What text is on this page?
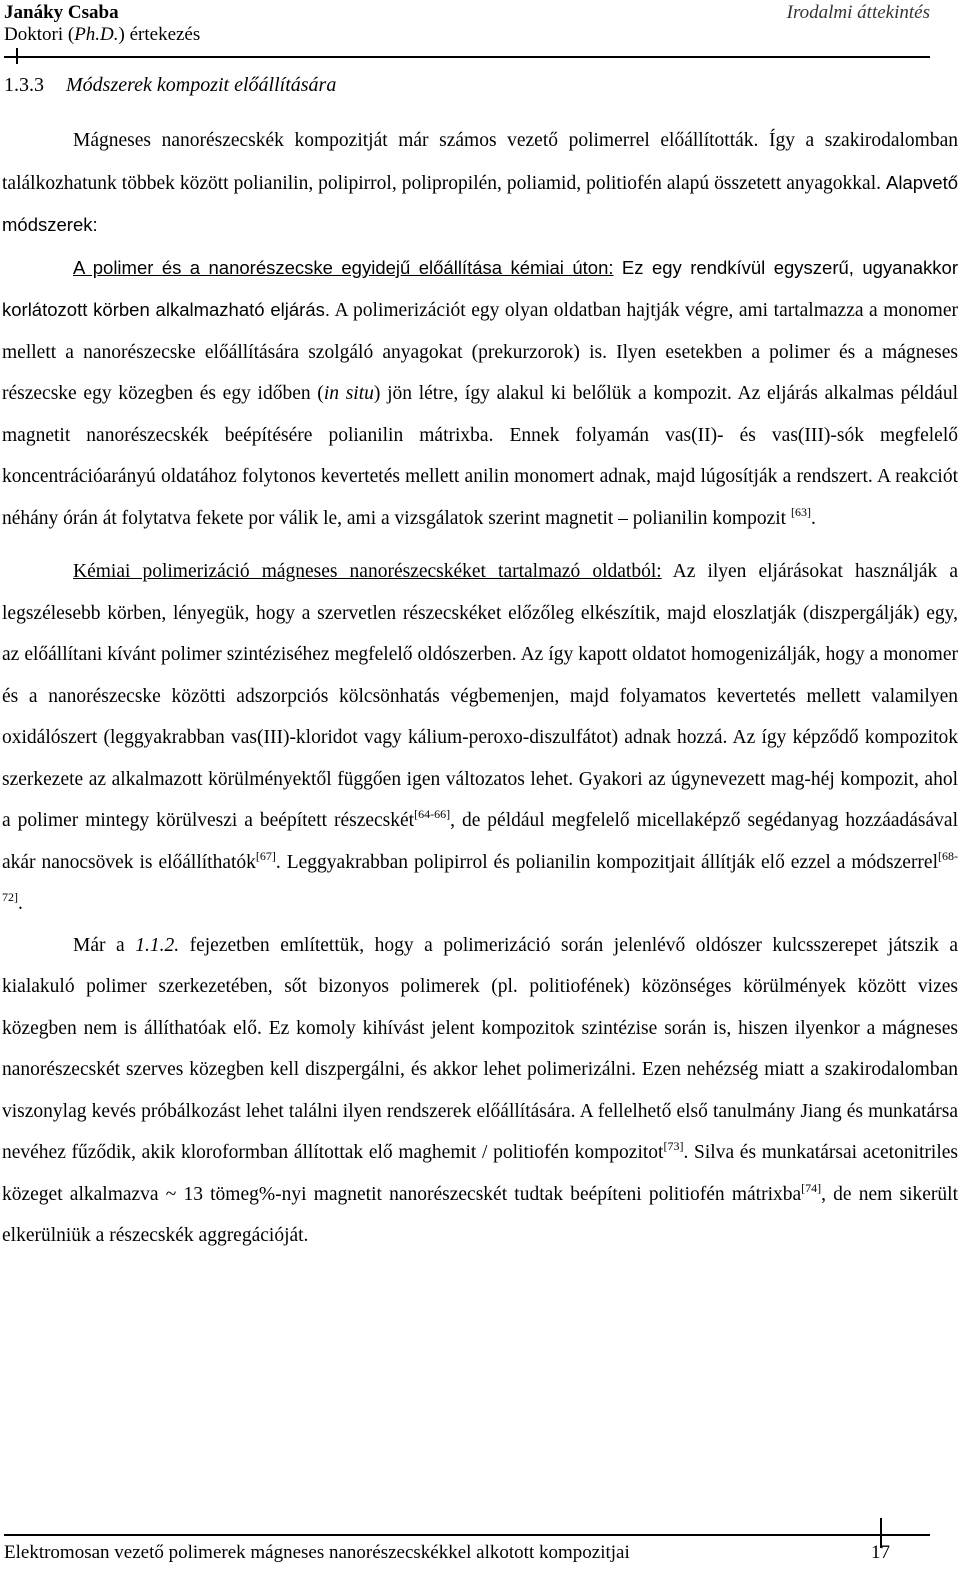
Janáky Csaba
Doktori (Ph.D.) értekezés
Irodalmi áttekintés
1.3.3 Módszerek kompozit előállítására

Mágneses nanorészecskék kompozitját már számos vezető polimerrel előállították. Így a szakirodalomban találkozhatunk többek között polianilin, polipirrol, polipropilén, poliamid, politiofén alapú összetett anyagokkal. Alapvető módszerek:

A polimer és a nanorészecske egyidejű előállítása kémiai úton: Ez egy rendkívül egyszerű, ugyanakkor korlátozott körben alkalmazható eljárás. A polimerizációt egy olyan oldatban hajtják végre, ami tartalmazza a monomer mellett a nanorészecske előállítására szolgáló anyagokat (prekurzorok) is. Ilyen esetekben a polimer és a mágneses részecske egy közegben és egy időben (in situ) jön létre, így alakul ki belőlük a kompozit. Az eljárás alkalmas például magnetit nanorészecskék beépítésére polianilin mátrixba. Ennek folyamán vas(II)- és vas(III)-sók megfelelő koncentrációarányú oldatához folytonos kevertetés mellett anilin monomert adnak, majd lúgosítják a rendszert. A reakciót néhány órán át folytatva fekete por válik le, ami a vizsgálatok szerint magnetit – polianilin kompozit [63].

Kémiai polimerizáció mágneses nanorészecskéket tartalmazó oldatból: Az ilyen eljárásokat használják a legszélesebb körben, lényegük, hogy a szervetlen részecskéket előzőleg elkészítik, majd eloszlatják (diszpergálják) egy, az előállítani kívánt polimer szintéziséhez megfelelő oldószerben. Az így kapott oldatot homogenizálják, hogy a monomer és a nanorészecske közötti adszorpciós kölcsönhatás végbemenjen, majd folyamatos kevertetés mellett valamilyen oxidálószert (leggyakrabban vas(III)-kloridot vagy kálium-peroxo-diszulfátot) adnak hozzá. Az így képződő kompozitok szerkezete az alkalmazott körülményektől függően igen változatos lehet. Gyakori az úgynevezett mag-héj kompozit, ahol a polimer mintegy körülveszi a beépített részecskét[64-66], de például megfelelő micellaképző segédanyag hozzáadásával akár nanocsövek is előállíthatók[67]. Leggyakrabban polipirrol és polianilin kompozitjait állítják elő ezzel a módszerrel[68-72].

Már a 1.1.2. fejezetben említettük, hogy a polimerizáció során jelenlévő oldószer kulcsszerepet játszik a kialakuló polimer szerkezetében, sőt bizonyos polimerek (pl. politiofének) közönséges körülmények között vizes közegben nem is állíthatóak elő. Ez komoly kihívást jelent kompozitok szintézise során is, hiszen ilyenkor a mágneses nanorészecskét szerves közegben kell diszpergálni, és akkor lehet polimerizálni. Ezen nehézség miatt a szakirodalomban viszonylag kevés próbálkozást lehet találni ilyen rendszerek előállítására. A fellelhető első tanulmány Jiang és munkatársa nevéhez fűződik, akik kloroformban állítottak elő maghemit / politiofén kompozitot[73]. Silva és munkatársai acetonitriles közeget alkalmazva ~ 13 tömeg%-nyi magnetit nanorészecskét tudtak beépíteni politiofén mátrixba[74], de nem sikerült elkerülniük a részecskék aggregációját.

Elektromosan vezető polimerek mágneses nanorészecskékkel alkotott kompozitjai	17
